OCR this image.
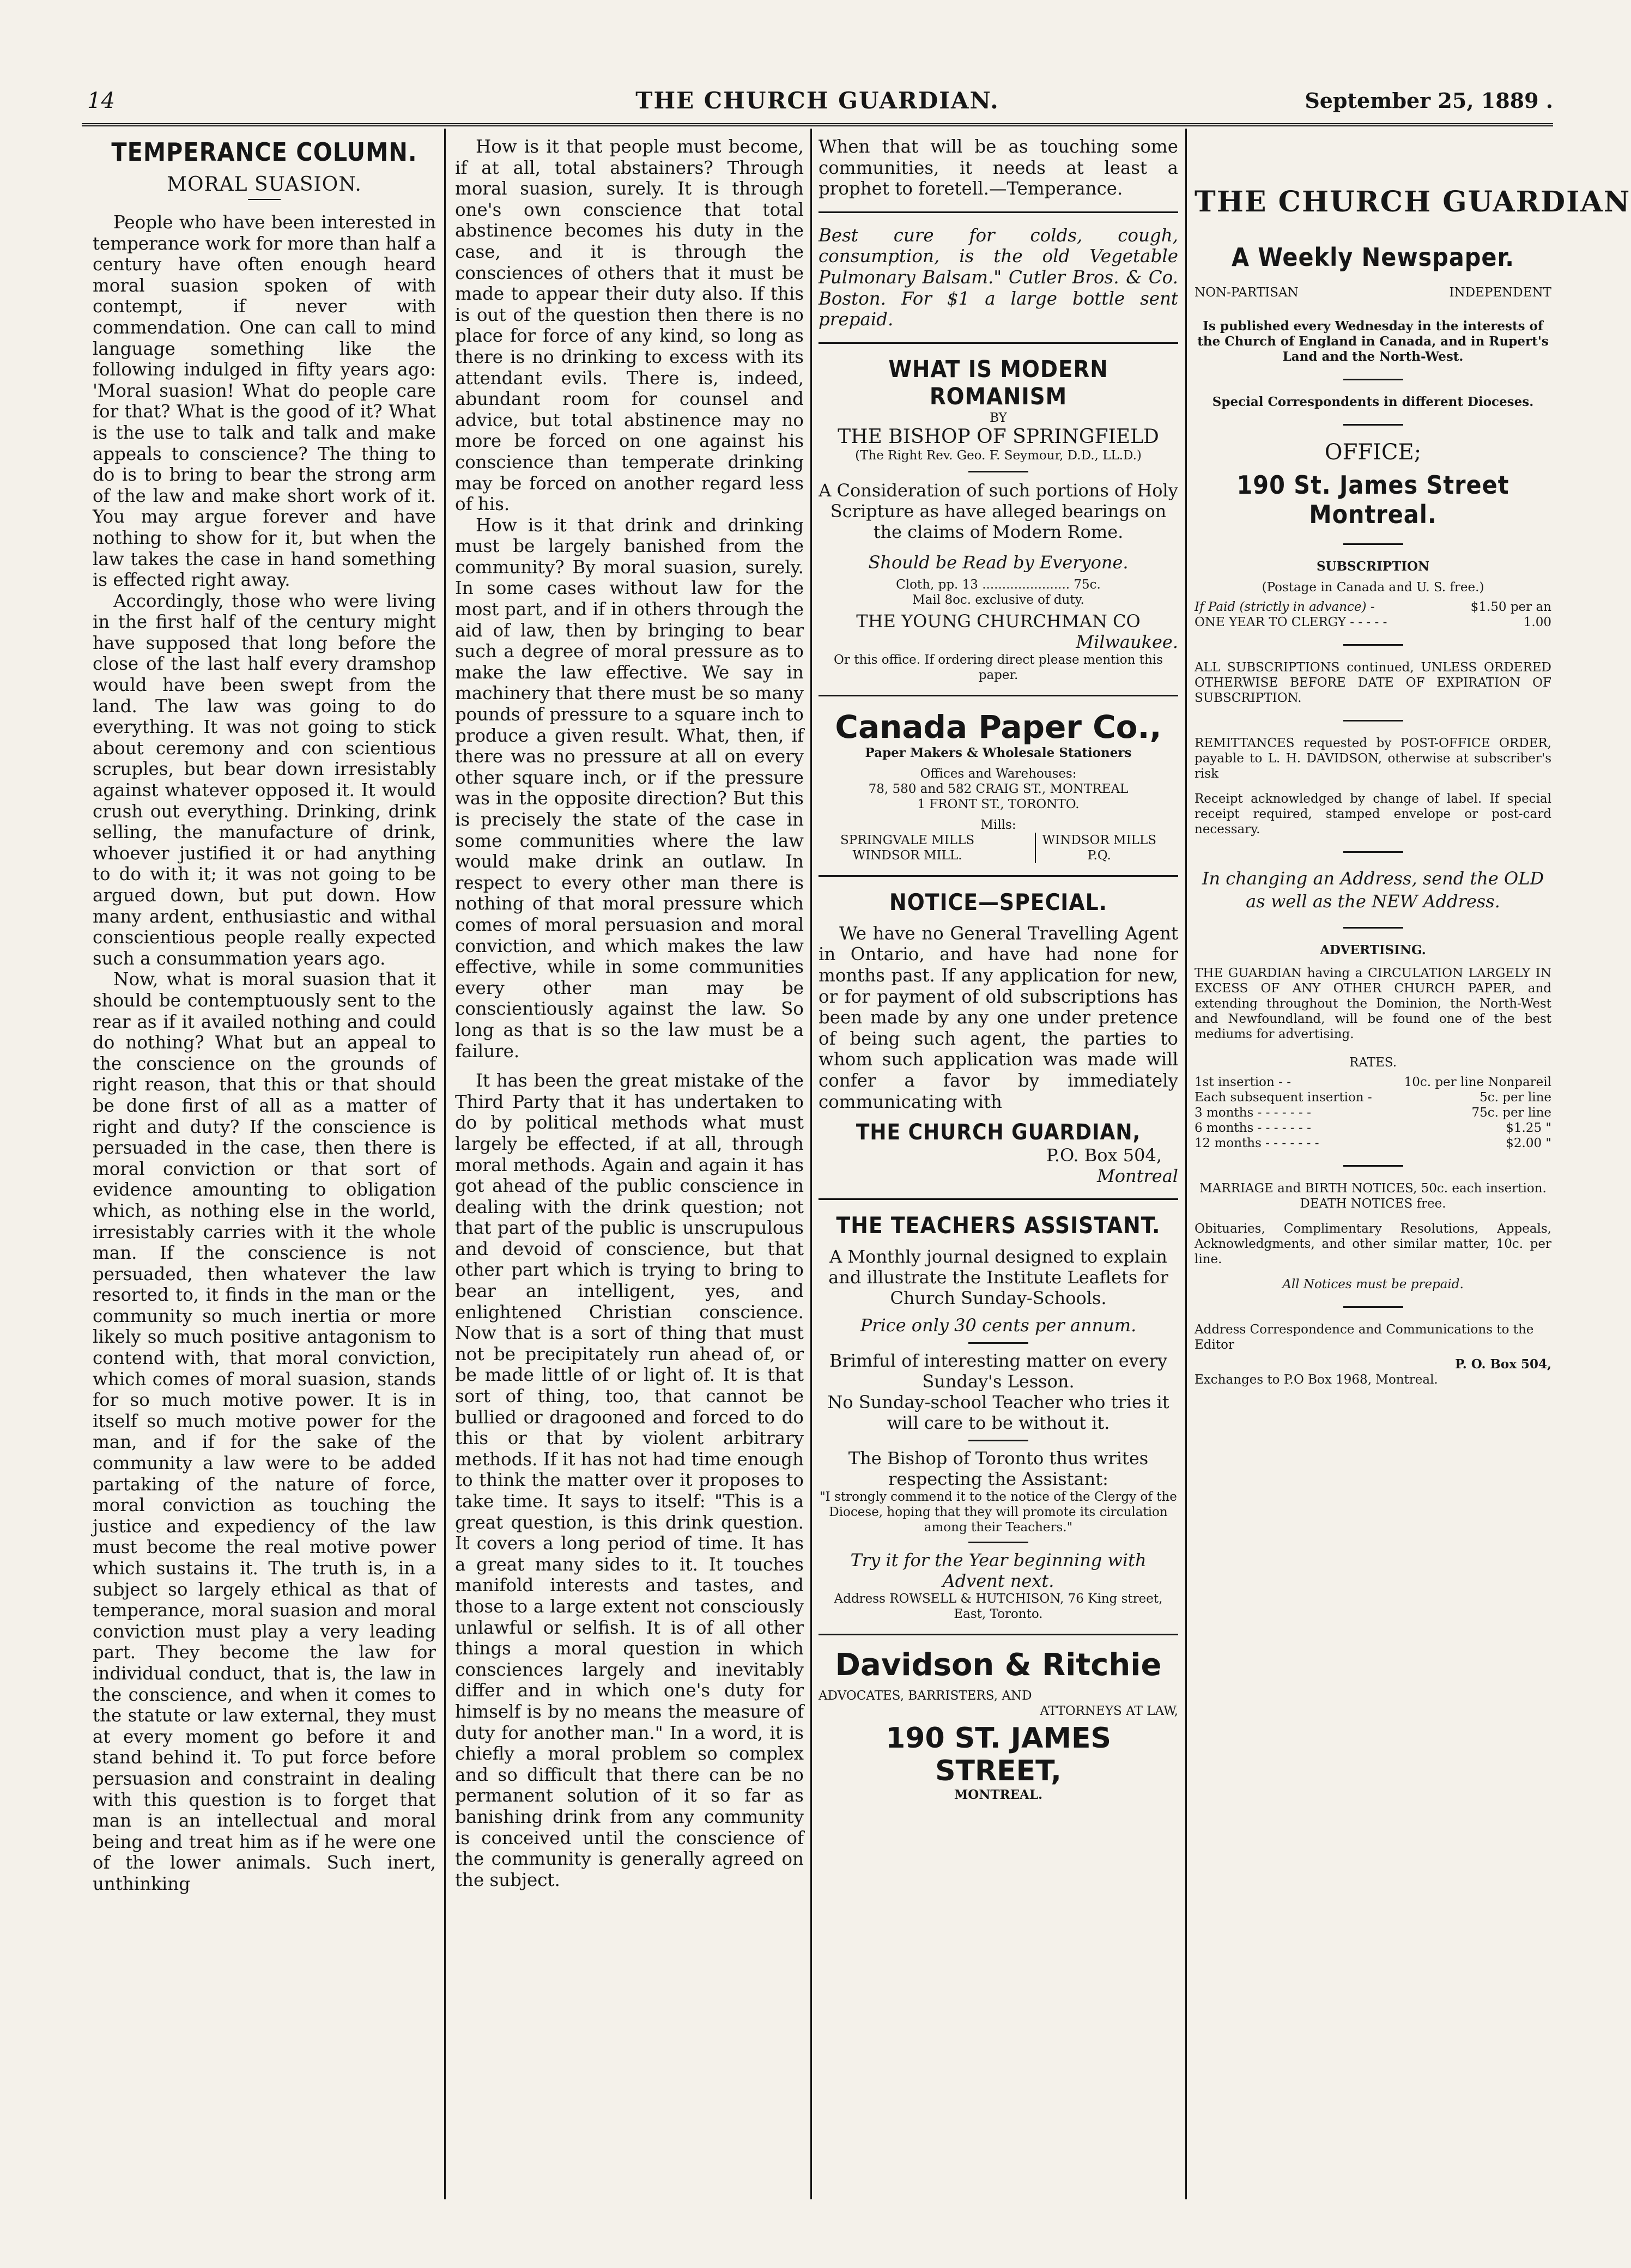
14	THE CHURCH GUARDIAN.	September 25, 1889 .
TEMPERANCE COLUMN.
MORAL SUASION.

People who have been interested in temperance work for more than half a century have often enough heard moral suasion spoken of with contempt, if never with commendation. One can call to mind language something like the following indulged in fifty years ago: 'Moral suasion! What do people care for that? What is the good of it? What is the use to talk and talk and make appeals to conscience? The thing to do is to bring to bear the strong arm of the law and make short work of it. You may argue forever and have nothing to show for it, but when the law takes the case in hand something is effected right away.

Accordingly, those who were living in the first half of the century might have supposed that long before the close of the last half every dramshop would have been swept from the land. The law was going to do everything. It was not going to stick about ceremony and con scientious scruples, but bear down irresistably against whatever opposed it. It would crush out everything. Drinking, drink selling, the manufacture of drink, whoever justified it or had anything to do with it; it was not going to be argued down, but put down. How many ardent, enthusiastic and withal conscientious people really expected such a consummation years ago.

Now, what is moral suasion that it should be contemptuously sent to the rear as if it availed nothing and could do nothing? What but an appeal to the conscience on the grounds of right reason, that this or that should be done first of all as a matter of right and duty? If the conscience is persuaded in the case, then there is moral conviction or that sort of evidence amounting to obligation which, as nothing else in the world, irresistably carries with it the whole man. If the conscience is not persuaded, then whatever the law resorted to, it finds in the man or the community so much inertia or more likely so much positive antagonism to contend with, that moral conviction, which comes of moral suasion, stands for so much motive power. It is in itself so much motive power for the man, and if for the sake of the community a law were to be added partaking of the nature of force, moral conviction as touching the justice and expediency of the law must become the real motive power which sustains it. The truth is, in a subject so largely ethical as that of temperance, moral suasion and moral conviction must play a very leading part. They become the law for individual conduct, that is, the law in the conscience, and when it comes to the statute or law external, they must at every moment go before it and stand behind it. To put force before persuasion and constraint in dealing with this question is to forget that man is an intellectual and moral being and treat him as if he were one of the lower animals. Such inert, unthinking

How is it that people must become, if at all, total abstainers? Through moral suasion, surely. It is through one's own conscience that total abstinence becomes his duty in the case, and it is through the consciences of others that it must be made to appear their duty also. If this is out of the question then there is no place for force of any kind, so long as there is no drinking to excess with its attendant evils. There is, indeed, abundant room for counsel and advice, but total abstinence may no more be forced on one against his conscience than temperate drinking may be forced on another regard less of his.

How is it that drink and drinking must be largely banished from the community? By moral suasion, surely. In some cases without law for the most part, and if in others through the aid of law, then by bringing to bear such a degree of moral pressure as to make the law effective. We say in machinery that there must be so many pounds of pressure to a square inch to produce a given result. What, then, if there was no pressure at all on every other square inch, or if the pressure was in the opposite direction? But this is precisely the state of the case in some communities where the law would make drink an outlaw. In respect to every other man there is nothing of that moral pressure which comes of moral persuasion and moral conviction, and which makes the law effective, while in some communities every other man may be conscientiously against the law. So long as that is so the law must be a failure.

It has been the great mistake of the Third Party that it has undertaken to do by political methods what must largely be effected, if at all, through moral methods. Again and again it has got ahead of the public conscience in dealing with the drink question; not that part of the public is unscrupulous and devoid of conscience, but that other part which is trying to bring to bear an intelligent, yes, and enlightened Christian conscience. Now that is a sort of thing that must not be precipitately run ahead of, or be made little of or light of. It is that sort of thing, too, that cannot be bullied or dragooned and forced to do this or that by violent arbitrary methods. If it has not had time enough to think the matter over it proposes to take time. It says to itself: "This is a great question, is this drink question. It covers a long period of time. It has a great many sides to it. It touches manifold interests and tastes, and those to a large extent not consciously unlawful or selfish. It is of all other things a moral question in which consciences largely and inevitably differ and in which one's duty for himself is by no means the measure of duty for another man." In a word, it is chiefly a moral problem so complex and so difficult that there can be no permanent solution of it so far as banishing drink from any community is conceived until the conscience of the community is generally agreed on the subject.

When that will be as touching some communities, it needs at least a prophet to foretell.—Temperance.

Best cure for colds, cough, consumption, is the old Vegetable Pulmonary Balsam." Cutler Bros. & Co. Boston. For $1 a large bottle sent prepaid.

WHAT IS MODERN ROMANISM
BY
THE BISHOP OF SPRINGFIELD
(The Right Rev. Geo. F. Seymour, D.D., LL.D.)
A Consideration of such portions of Holy Scripture as have alleged bearings on the claims of Modern Rome.
Should be Read by Everyone.
Cloth, pp. 13 ...................... 75c.
Mail 8oc. exclusive of duty.
THE YOUNG CHURCHMAN CO
Milwaukee.
Or this office. If ordering direct please mention this paper.
Canada Paper Co.,
Paper Makers & Wholesale Stationers
Offices and Warehouses:
78, 580 and 582 CRAIG ST., MONTREAL
1 FRONT ST., TORONTO.
Mills:
SPRINGVALE MILLS
WINDSOR MILL.
WINDSOR MILLS
P.Q.
NOTICE—SPECIAL.

We have no General Travelling Agent in Ontario, and have had none for months past. If any application for new, or for payment of old subscriptions has been made by any one under pretence of being such agent, the parties to whom such application was made will confer a favor by immediately communicating with

THE CHURCH GUARDIAN,
P.O. Box 504,
Montreal
THE TEACHERS ASSISTANT.
A Monthly journal designed to explain and illustrate the Institute Leaflets for Church Sunday-Schools.
Price only 30 cents per annum.
Brimful of interesting matter on every Sunday's Lesson.
No Sunday-school Teacher who tries it will care to be without it.
The Bishop of Toronto thus writes respecting the Assistant:
"I strongly commend it to the notice of the Clergy of the Diocese, hoping that they will promote its circulation among their Teachers."
Try it for the Year beginning with Advent next.
Address ROWSELL & HUTCHISON, 76 King street, East, Toronto.
Davidson & Ritchie
ADVOCATES, BARRISTERS, AND
ATTORNEYS AT LAW,
190 ST. JAMES STREET,
MONTREAL.
THE CHURCH GUARDIAN
A Weekly Newspaper.
NON-PARTISAN	INDEPENDENT
Is published every Wednesday in the interests of the Church of England in Canada, and in Rupert's Land and the North-West.
Special Correspondents in different Dioceses.
OFFICE;
190 St. James Street Montreal.
SUBSCRIPTION
(Postage in Canada and U. S. free.)
If Paid (strictly in advance) -	$1.50 per an
ONE YEAR TO CLERGY - - - - -	1.00
ALL SUBSCRIPTIONS continued, UNLESS ORDERED OTHERWISE BEFORE DATE OF EXPIRATION OF SUBSCRIPTION.
REMITTANCES requested by POST-OFFICE ORDER, payable to L. H. DAVIDSON, otherwise at subscriber's risk
Receipt acknowledged by change of label. If special receipt required, stamped envelope or post-card necessary.
In changing an Address, send the OLD as well as the NEW Address.
ADVERTISING.
THE GUARDIAN having a CIRCULATION LARGELY IN EXCESS OF ANY OTHER CHURCH PAPER, and extending throughout the Dominion, the North-West and Newfoundland, will be found one of the best mediums for advertising.
RATES.
1st insertion - -	10c. per line Nonpareil
Each subsequent insertion -	5c. per line
3 months - - - - - - -	75c. per line
6 months - - - - - - -	$1.25 "
12 months - - - - - - -	$2.00 "
MARRIAGE and BIRTH NOTICES, 50c. each insertion. DEATH NOTICES free.
Obituaries, Complimentary Resolutions, Appeals, Acknowledgments, and other similar matter, 10c. per line.
All Notices must be prepaid.
Address Correspondence and Communications to the Editor
P. O. Box 504,
Exchanges to P.O Box 1968, Montreal.
